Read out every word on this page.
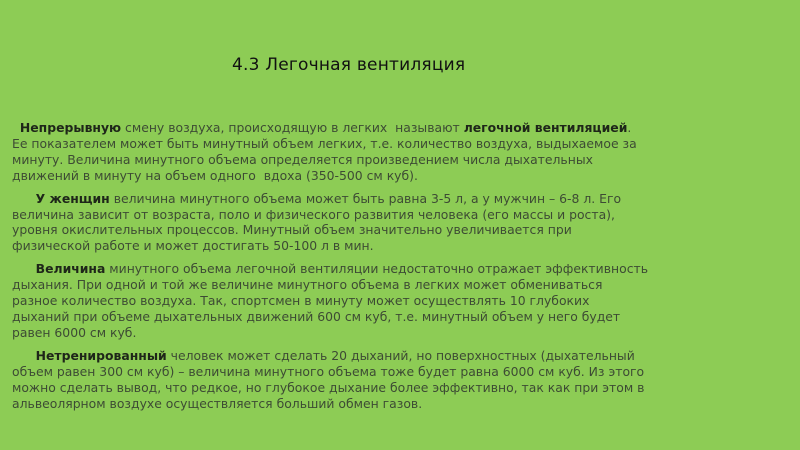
4.3 Легочная вентиляция
Непрерывную смену воздуха, происходящую в легких  называют легочной вентиляцией.
Ее показателем может быть минутный объем легких, т.е. количество воздуха, выдыхаемое за
минуту. Величина минутного объема определяется произведением числа дыхательных
движений в минуту на объем одного  вдоха (350-500 см куб).
У женщин величина минутного объема может быть равна 3-5 л, а у мужчин – 6-8 л. Его
величина зависит от возраста, поло и физического развития человека (его массы и роста),
уровня окислительных процессов. Минутный объем значительно увеличивается при
физической работе и может достигать 50-100 л в мин.
Величина минутного объема легочной вентиляции недостаточно отражает эффективность
дыхания. При одной и той же величине минутного объема в легких может обмениваться
разное количество воздуха. Так, спортсмен в минуту может осуществлять 10 глубоких
дыханий при объеме дыхательных движений 600 см куб, т.е. минутный объем у него будет
равен 6000 см куб.
Нетренированный человек может сделать 20 дыханий, но поверхностных (дыхательный
объем равен 300 см куб) – величина минутного объема тоже будет равна 6000 см куб. Из этого
можно сделать вывод, что редкое, но глубокое дыхание более эффективно, так как при этом в
альвеолярном воздухе осуществляется больший обмен газов.
